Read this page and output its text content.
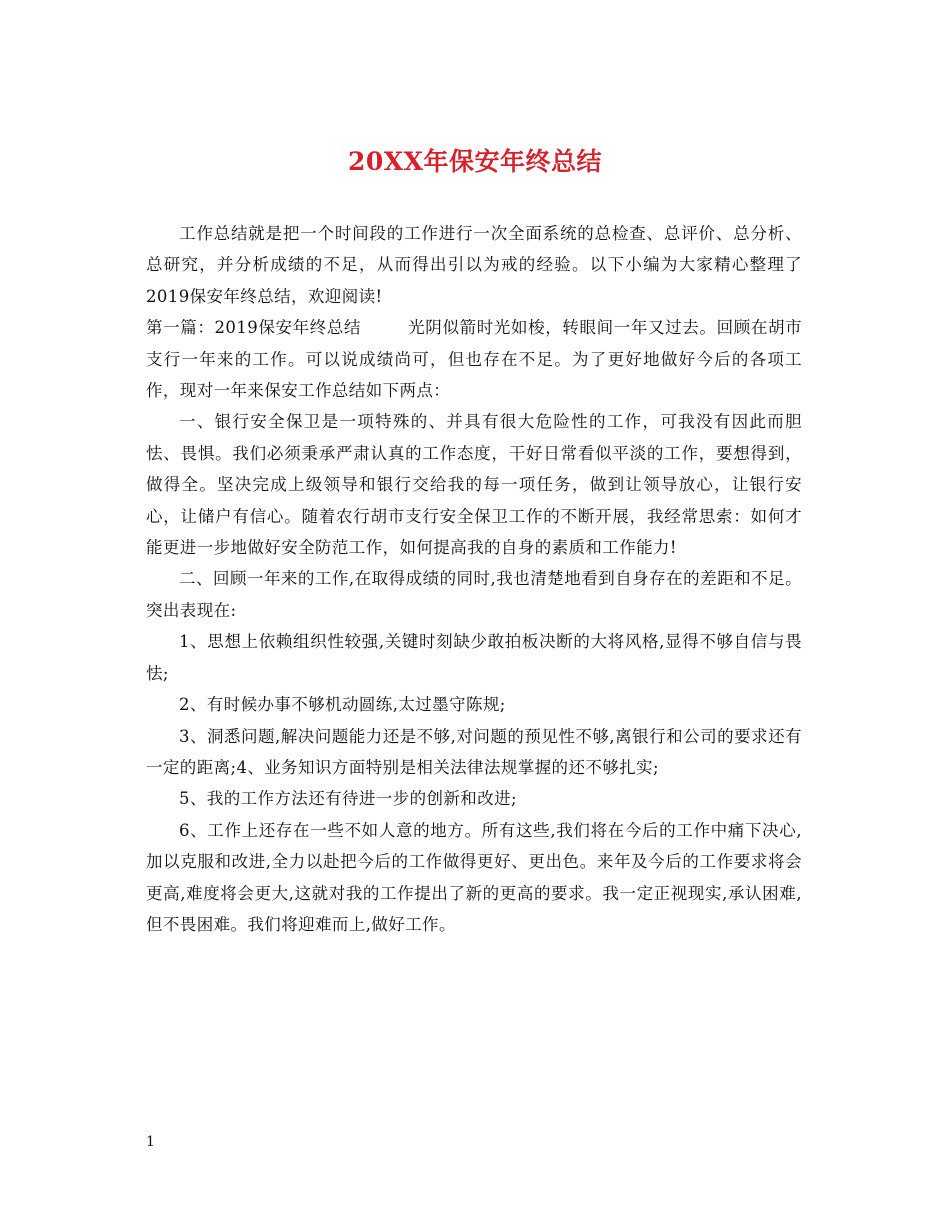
20XX年保安年终总结

工作总结就是把一个时间段的工作进行一次全面系统的总检查、总评价、总分析、总研究，并分析成绩的不足，从而得出引以为戒的经验。以下小编为大家精心整理了2019保安年终总结，欢迎阅读!

第一篇：2019保安年终总结        光阴似箭时光如梭，转眼间一年又过去。回顾在胡市支行一年来的工作。可以说成绩尚可，但也存在不足。为了更好地做好今后的各项工作，现对一年来保安工作总结如下两点：

一、银行安全保卫是一项特殊的、并具有很大危险性的工作，可我没有因此而胆怯、畏惧。我们必须秉承严肃认真的工作态度，干好日常看似平淡的工作，要想得到，做得全。坚决完成上级领导和银行交给我的每一项任务，做到让领导放心，让银行安心，让储户有信心。随着农行胡市支行安全保卫工作的不断开展，我经常思索：如何才能更进一步地做好安全防范工作，如何提高我的自身的素质和工作能力!

二、回顾一年来的工作,在取得成绩的同时,我也清楚地看到自身存在的差距和不足。突出表现在:

1、思想上依赖组织性较强,关键时刻缺少敢拍板决断的大将风格,显得不够自信与畏怯;

2、有时候办事不够机动圆练,太过墨守陈规;

3、洞悉问题,解决问题能力还是不够,对问题的预见性不够,离银行和公司的要求还有一定的距离;4、业务知识方面特别是相关法律法规掌握的还不够扎实;

5、我的工作方法还有待进一步的创新和改进;

6、工作上还存在一些不如人意的地方。所有这些,我们将在今后的工作中痛下决心,加以克服和改进,全力以赴把今后的工作做得更好、更出色。来年及今后的工作要求将会更高,难度将会更大,这就对我的工作提出了新的更高的要求。我一定正视现实,承认困难,但不畏困难。我们将迎难而上,做好工作。

1
